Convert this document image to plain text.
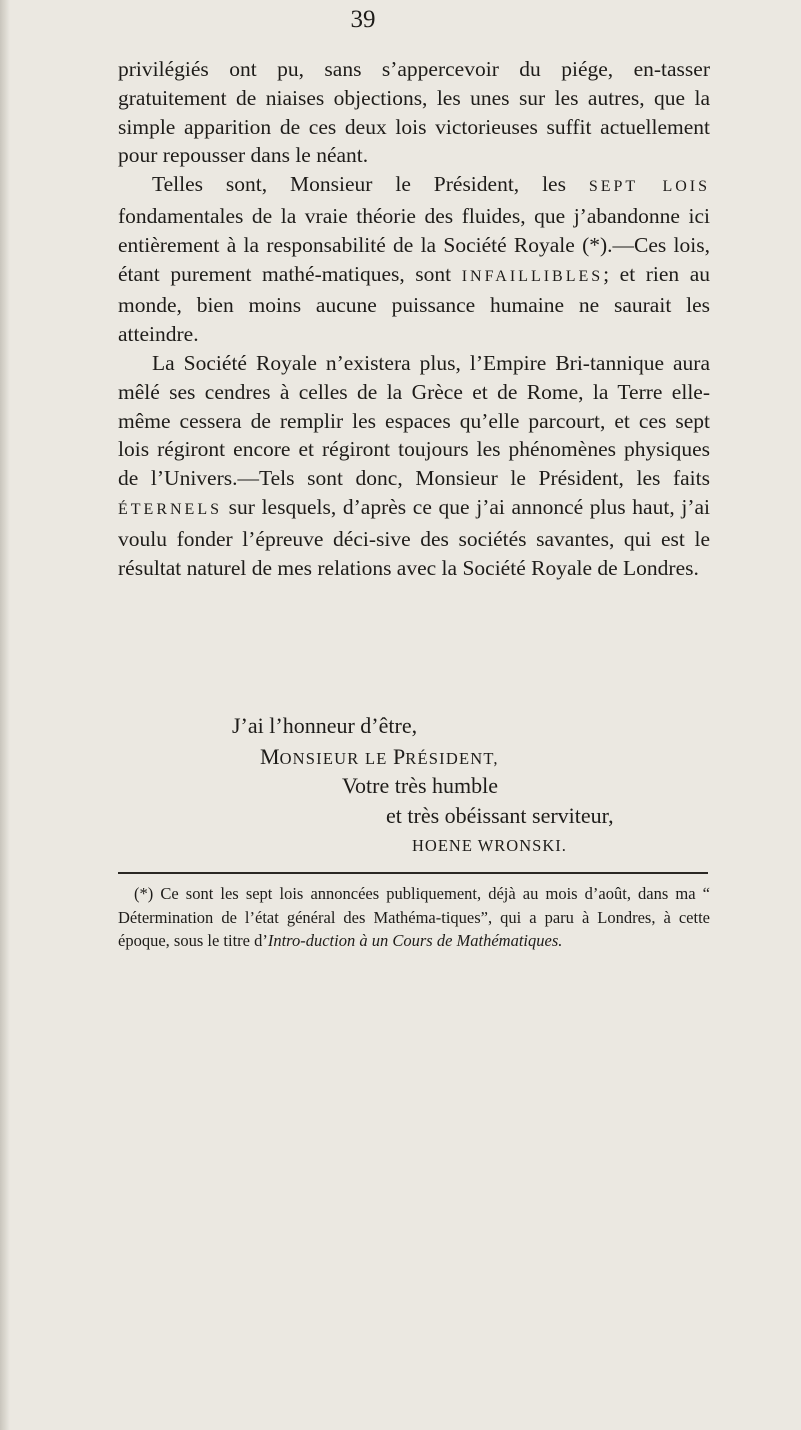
39

privilégiés ont pu, sans s’appercevoir du piége, en-tasser gratuitement de niaises objections, les unes sur les autres, que la simple apparition de ces deux lois victorieuses suffit actuellement pour repousser dans le néant.

Telles sont, Monsieur le Président, les SEPT LOIS fondamentales de la vraie théorie des fluides, que j’abandonne ici entièrement à la responsabilité de la Société Royale (*).—Ces lois, étant purement mathé-matiques, sont INFAILLIBLES; et rien au monde, bien moins aucune puissance humaine ne saurait les atteindre.

La Société Royale n’existera plus, l’Empire Bri-tannique aura mêlé ses cendres à celles de la Grèce et de Rome, la Terre elle-même cessera de remplir les espaces qu’elle parcourt, et ces sept lois régiront encore et régiront toujours les phénomènes physiques de l’Univers.—Tels sont donc, Monsieur le Président, les faits ÉTERNELS sur lesquels, d’après ce que j’ai annoncé plus haut, j’ai voulu fonder l’épreuve déci-sive des sociétés savantes, qui est le résultat naturel de mes relations avec la Société Royale de Londres.

J’ai l’honneur d’être,
MONSIEUR LE PRÉSIDENT,
Votre très humble
et très obéissant serviteur,
HOENE WRONSKI.

(*) Ce sont les sept lois annoncées publiquement, déjà au mois d’août, dans ma “ Détermination de l’état général des Mathéma-tiques”, qui a paru à Londres, à cette époque, sous le titre d’Intro-duction à un Cours de Mathématiques.
